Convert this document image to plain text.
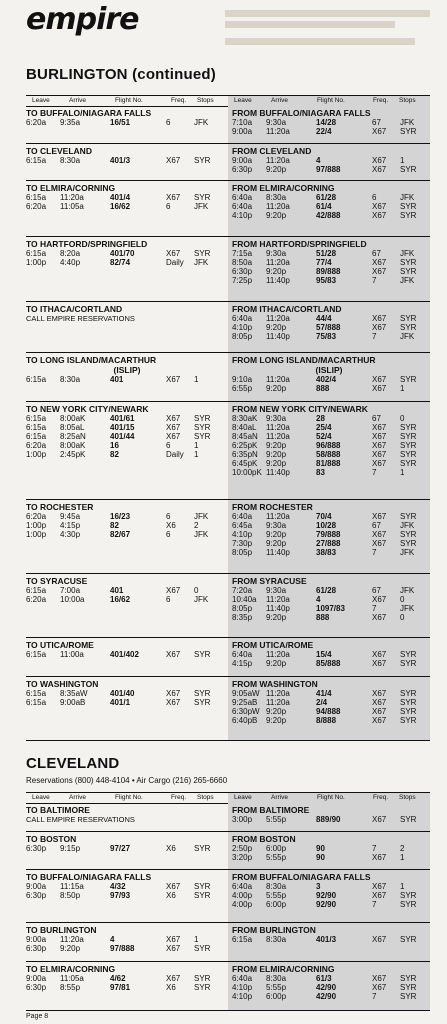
empire
BURLINGTON (continued)
Leave	Arrive	Flight No.	Freq. Stops	Leave	Arrive	Flight No.	Freq. Stops
TO BUFFALO/NIAGARA FALLS
6:20a 9:35a	16/51	6	JFK
FROM BUFFALO/NIAGARA FALLS
7:10a 9:30a	14/28	67 JFK
9:00a 11:20a	22/4	X67 SYR
TO CLEVELAND
6:15a 8:30a	401/3	X67 SYR
FROM CLEVELAND
9:00a 11:20a	4	X67 1
6:30p 9:20p	97/888	X67 SYR
TO ELMIRA/CORNING
6:15a 11:20a	401/4	X67 SYR
6:20a 11:05a	16/62	6	JFK
FROM ELMIRA/CORNING
6:40a 8:30a	61/28	6	JFK
6:40a 11:20a	61/4	X67 SYR
4:10p 9:20p	42/888	X67 SYR
TO HARTFORD/SPRINGFIELD
6:15a 8:20a	401/70	X67 SYR
1:00p 4:40p	82/74	Daily JFK
FROM HARTFORD/SPRINGFIELD
7:15a 9:30a	51/28	67 JFK
8:50a 11:20a	77/4	X67 SYR
6:30p 9:20p	89/888	X67 SYR
7:25p 11:40p	95/83	7	JFK
TO ITHACA/CORTLAND
CALL EMPIRE RESERVATIONS
FROM ITHACA/CORTLAND
6:40a 11:20a	44/4	X67 SYR
4:10p 9:20p	57/888	X67 SYR
8:05p 11:40p	75/83	7	JFK
TO LONG ISLAND/MACARTHUR
(ISLIP)
6:15a 8:30a	401	X67 1
FROM LONG ISLAND/MACARTHUR
(ISLIP)
9:10a 11:20a	402/4	X67 SYR
6:55p 9:20p	888	X67 1
TO NEW YORK CITY/NEWARK
6:15a 8:00aK	401/61	X67 SYR
6:15a 8:05aL	401/15	X67 SYR
6:15a 8:25aN	401/44	X67 SYR
6:20a 8:00aK	16	6	1
1:00p 2:45pK	82	Daily 1
FROM NEW YORK CITY/NEWARK
8:30aK 9:30a	28	67 0
8:40aL 11:20a	25/4	X67 SYR
8:45aN 11:20a	52/4	X67 SYR
6:25pK 9:20p	96/888	X67 SYR
6:35pN 9:20p	58/888	X67 SYR
6:45pK 9:20p	81/888	X67 SYR
10:00pK 11:40p	83	7	1
TO ROCHESTER
6:20a 9:45a	16/23	6	JFK
1:00p 4:15p	82	X6 2
1:00p 4:30p	82/67	6	JFK
FROM ROCHESTER
6:40a 11:20a	70/4	X67 SYR
6:45a 9:30a	10/28	67 JFK
4:10p 9:20p	79/888	X67 SYR
7:30p 9:20p	27/888	X67 SYR
8:05p 11:40p	38/83	7	JFK
TO SYRACUSE
6:15a 7:00a	401	X67 0
6:20a 10:00a	16/62	6	JFK
FROM SYRACUSE
7:20a 9:30a	61/28	67 JFK
10:40a 11:20a	4	X67 0
8:05p 11:40p	1097/83	7	JFK
8:35p 9:20p	888	X67 0
TO UTICA/ROME
6:15a 11:00a	401/402	X67 SYR
FROM UTICA/ROME
6:40a 11:20a	15/4	X67 SYR
4:15p 9:20p	85/888	X67 SYR
TO WASHINGTON
6:15a 8:35aW	401/40	X67 SYR
6:15a 9:00aB	401/1	X67 SYR
FROM WASHINGTON
9:05aW 11:20a	41/4	X67 SYR
9:25aB 11:20a	2/4	X67 SYR
6:30pW 9:20p	94/888	X67 SYR
6:40pB 9:20p	8/888	X67 SYR
CLEVELAND
Reservations (800) 448-4104 • Air Cargo (216) 265-6660
Leave	Arrive	Flight No.	Freq. Stops	Leave	Arrive	Flight No.	Freq. Stops
TO BALTIMORE
CALL EMPIRE RESERVATIONS
FROM BALTIMORE
3:00p 5:55p	889/90	X67 SYR
TO BOSTON
6:30p 9:15p	97/27	X6 SYR
FROM BOSTON
2:50p 6:00p	90	7	2
3:20p 5:55p	90	X67 1
TO BUFFALO/NIAGARA FALLS
9:00a 11:15a	4/32	X67 SYR
6:30p 8:50p	97/93	X6 SYR
FROM BUFFALO/NIAGARA FALLS
6:40a 8:30a	3	X67 1
4:00p 5:55p	92/90	X67 SYR
4:00p 6:00p	92/90	7	SYR
TO BURLINGTON
9:00a 11:20a	4	X67 1
6:30p 9:20p	97/888	X67 SYR
FROM BURLINGTON
6:15a 8:30a	401/3	X67 SYR
TO ELMIRA/CORNING
9:00a 11:05a	4/62	X67 SYR
6:30p 8:55p	97/81	X6 SYR
FROM ELMIRA/CORNING
6:40a 8:30a	61/3	X67 SYR
4:10p 5:55p	42/90	X67 SYR
4:10p 6:00p	42/90	7	SYR
Page 8
